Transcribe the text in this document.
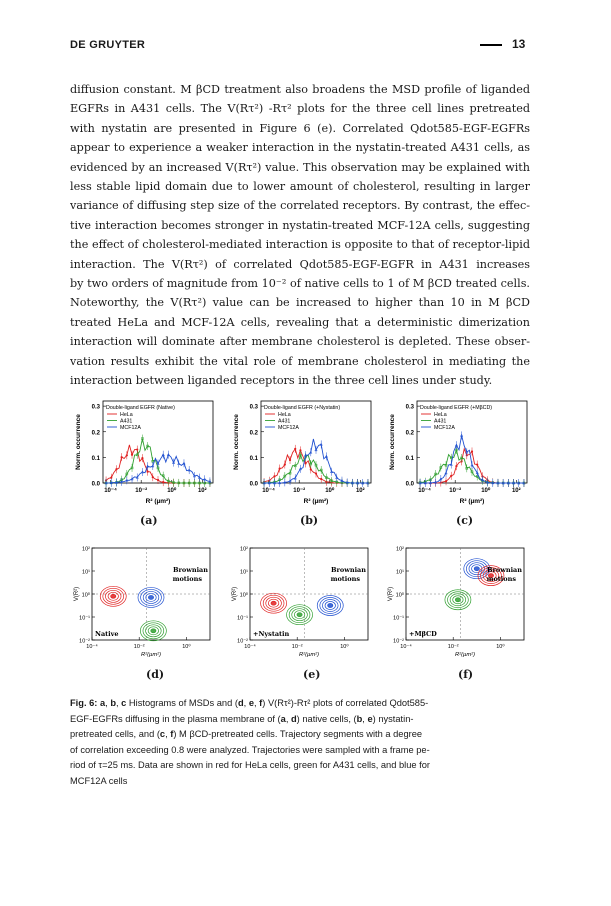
DE GRUYTER	13
diffusion constant. M βCD treatment also broadens the MSD profile of liganded
EGFRs in A431 cells. The V(Rτ²) -Rτ² plots for the three cell lines pretreated
with nystatin are presented in Figure 6 (e). Correlated Qdot585-EGF-EGFRs
appear to experience a weaker interaction in the nystatin-treated A431 cells, as
evidenced by an increased V(Rτ²) value. This observation may be explained with
less stable lipid domain due to lower amount of cholesterol, resulting in larger
variance of diffusing step size of the correlated receptors. By contrast, the effec-
tive interaction becomes stronger in nystatin-treated MCF-12A cells, suggesting
the effect of cholesterol-mediated interaction is opposite to that of receptor-lipid
interaction. The V(Rτ²) of correlated Qdot585-EGF-EGFR in A431 increases
by two orders of magnitude from 10⁻² of native cells to 1 of M βCD treated cells.
Noteworthy, the V(Rτ²) value can be increased to higher than 10 in M βCD
treated HeLa and MCF-12A cells, revealing that a deterministic dimerization
interaction will dominate after membrane cholesterol is depleted. These obser-
vation results exhibit the vital role of membrane cholesterol in mediating the
interaction between liganded receptors in the three cell lines under study.
0.0
0.1
0.2
0.3
10⁻⁴	10⁻²	10⁰	10²
R² (µm²)
Norm. occurrence
Double-ligand EGFR (Native)
HeLa
A431
MCF12A
0.0
0.1
0.2
0.3
10⁻⁴	10⁻²	10⁰	10²
R² (µm²)
Norm. occurrence
Double-ligand EGFR (+Nystatin)
HeLa
A431
MCF12A
0.0
0.1
0.2
0.3
10⁻⁴	10⁻²	10⁰	10²
R² (µm²)
Norm. occurrence
Double-ligand EGFR (+MβCD)
HeLa
A431
MCF12A
(a)	(b)	(c)
10²
10¹
10⁰
10⁻¹
10⁻²
10⁻⁴	10⁻²	10⁰
R²(µm²)
V(R²)
Brownian
motions
Native
10²
10¹
10⁰
10⁻¹
10⁻²
10⁻⁴	10⁻²	10⁰
R²(µm²)
V(R²)
Brownian
motions
+Nystatin
10²
10¹
10⁰
10⁻¹
10⁻²
10⁻⁴	10⁻²	10⁰
R²(µm²)
V(R²)
Brownian
motions
+MβCD
(d)	(e)	(f)
Fig. 6: a, b, c Histograms of MSDs and (d, e, f) V(Rτ²)-Rτ² plots of correlated Qdot585-
EGF-EGFRs diffusing in the plasma membrane of (a, d) native cells, (b, e) nystatin-
pretreated cells, and (c, f) M βCD-pretreated cells. Trajectory segments with a degree
of correlation exceeding 0.8 were analyzed. Trajectories were sampled with a frame pe-
riod of τ=25 ms. Data are shown in red for HeLa cells, green for A431 cells, and blue for
MCF12A cells
